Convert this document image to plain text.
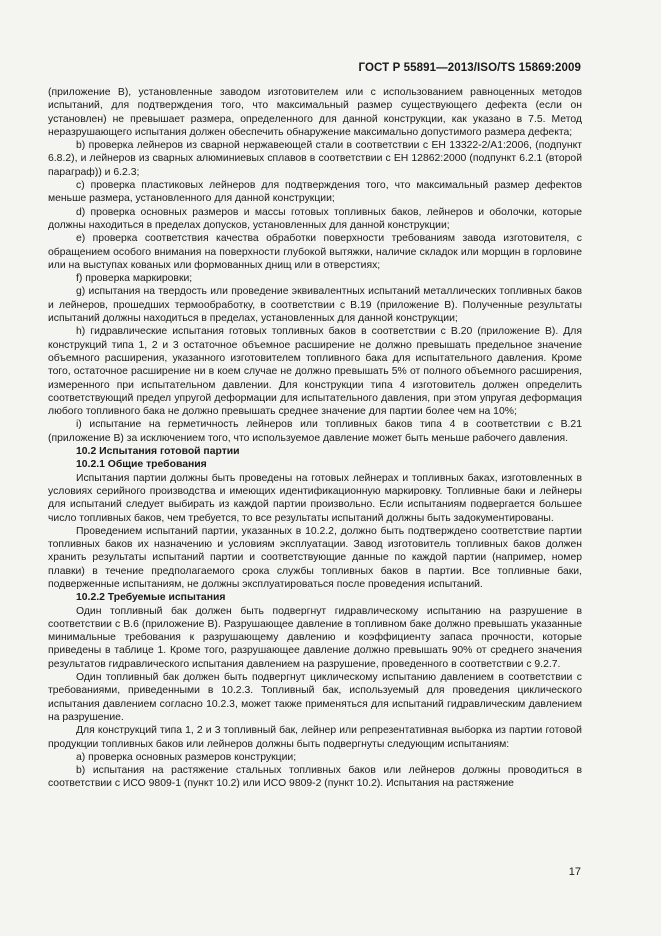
ГОСТ Р 55891—2013/ISO/TS 15869:2009

(приложение В), установленные заводом изготовителем или с использованием равноценных методов испытаний, для подтверждения того, что максимальный размер существующего дефекта (если он установлен) не превышает размера, определенного для данной конструкции, как указано в 7.5. Метод неразрушающего испытания должен обеспечить обнаружение максимально допустимого размера дефекта;

b) проверка лейнеров из сварной нержавеющей стали в соответствии с ЕН 13322-2/А1:2006, (подпункт 6.8.2), и лейнеров из сварных алюминиевых сплавов в соответствии с ЕН 12862:2000 (подпункт 6.2.1 (второй параграф)) и 6.2.3;

c) проверка пластиковых лейнеров для подтверждения того, что максимальный размер дефектов меньше размера, установленного для данной конструкции;

d) проверка основных размеров и массы готовых топливных баков, лейнеров и оболочки, которые должны находиться в пределах допусков, установленных для данной конструкции;

e) проверка соответствия качества обработки поверхности требованиям завода изготовителя, с обращением особого внимания на поверхности глубокой вытяжки, наличие складок или морщин в горловине или на выступах кованых или формованных днищ или в отверстиях;

f) проверка маркировки;

g) испытания на твердость или проведение эквивалентных испытаний металлических топливных баков и лейнеров, прошедших термообработку, в соответствии с В.19 (приложение В). Полученные результаты испытаний должны находиться в пределах, установленных для данной конструкции;

h) гидравлические испытания готовых топливных баков в соответствии с В.20 (приложение В). Для конструкций типа 1, 2 и 3 остаточное объемное расширение не должно превышать предельное значение объемного расширения, указанного изготовителем топливного бака для испытательного давления. Кроме того, остаточное расширение ни в коем случае не должно превышать 5% от полного объемного расширения, измеренного при испытательном давлении. Для конструкции типа 4 изготовитель должен определить соответствующий предел упругой деформации для испытательного давления, при этом упругая деформация любого топливного бака не должно превышать среднее значение для партии более чем на 10%;

i) испытание на герметичность лейнеров или топливных баков типа 4 в соответствии с В.21 (приложение В) за исключением того, что используемое давление может быть меньше рабочего давления.

10.2 Испытания готовой партии

10.2.1 Общие требования

Испытания партии должны быть проведены на готовых лейнерах и топливных баках, изготовленных в условиях серийного производства и имеющих идентификационную маркировку. Топливные баки и лейнеры для испытаний следует выбирать из каждой партии произвольно. Если испытаниям подвергается большее число топливных баков, чем требуется, то все результаты испытаний должны быть задокументированы.

Проведением испытаний партии, указанных в 10.2.2, должно быть подтверждено соответствие партии топливных баков их назначению и условиям эксплуатации. Завод изготовитель топливных баков должен хранить результаты испытаний партии и соответствующие данные по каждой партии (например, номер плавки) в течение предполагаемого срока службы топливных баков в партии. Все топливные баки, подверженные испытаниям, не должны эксплуатироваться после проведения испытаний.

10.2.2 Требуемые испытания

Один топливный бак должен быть подвергнут гидравлическому испытанию на разрушение в соответствии с В.6 (приложение В). Разрушающее давление в топливном баке должно превышать указанные минимальные требования к разрушающему давлению и коэффициенту запаса прочности, которые приведены в таблице 1. Кроме того, разрушающее давление должно превышать 90% от среднего значения результатов гидравлического испытания давлением на разрушение, проведенного в соответствии с 9.2.7.

Один топливный бак должен быть подвергнут циклическому испытанию давлением в соответствии с требованиями, приведенными в 10.2.3. Топливный бак, используемый для проведения циклического испытания давлением согласно 10.2.3, может также применяться для испытаний гидравлическим давлением на разрушение.

Для конструкций типа 1, 2 и 3 топливный бак, лейнер или репрезентативная выборка из партии готовой продукции топливных баков или лейнеров должны быть подвергнуты следующим испытаниям:

а) проверка основных размеров конструкции;

b) испытания на растяжение стальных топливных баков или лейнеров должны проводиться в соответствии с ИСО 9809-1 (пункт 10.2) или ИСО 9809-2 (пункт 10.2). Испытания на растяжение

17
